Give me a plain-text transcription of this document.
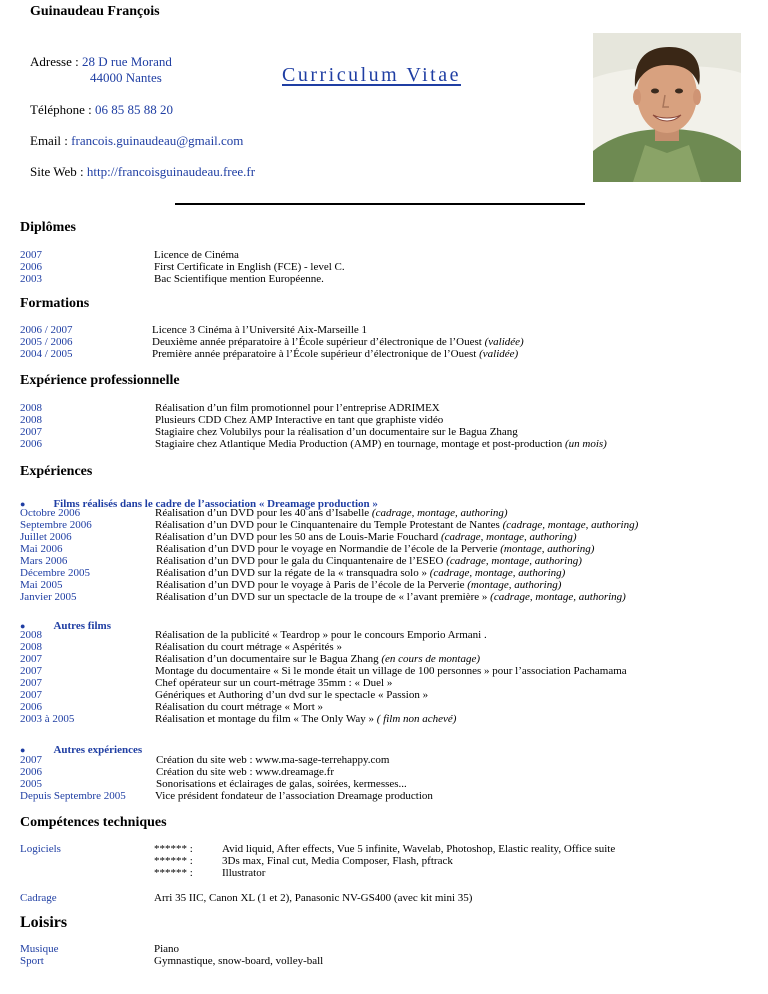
Guinaudeau François
Adresse : 28 D rue Morand
44000 Nantes	Curriculum Vitae
Téléphone : 06 85 85 88 20
Email : francois.guinaudeau@gmail.com
Site Web : http://francoisguinaudeau.free.fr
Diplômes
2007	Licence de Cinéma
2006	First Certificate in English (FCE) - level C.
2003	Bac Scientifique mention Européenne.
Formations
2006 / 2007	Licence 3 Cinéma à l’Université Aix-Marseille 1
2005 / 2006	Deuxième année préparatoire à l’École supérieur d’électronique de l’Ouest (validée)
2004 / 2005	Première année préparatoire à l’École supérieur d’électronique de l’Ouest (validée)
Expérience professionnelle
2008	Réalisation d’un film promotionnel pour l’entreprise ADRIMEX
2008	Plusieurs CDD Chez AMP Interactive en tant que graphiste vidéo
2007	Stagiaire chez Volubilys pour la réalisation d’un documentaire sur le Bagua Zhang
2006	Stagiaire chez Atlantique Media Production (AMP) en tournage, montage et post-production (un mois)
Expériences
●	Films réalisés dans le cadre de l’association « Dreamage production »
Octobre 2006	Réalisation d’un DVD pour les 40 ans d’Isabelle (cadrage, montage, authoring)
Septembre 2006	Réalisation d’un DVD pour le Cinquantenaire du Temple Protestant de Nantes (cadrage, montage, authoring)
Juillet 2006	Réalisation d’un DVD pour les 50 ans de Louis-Marie Fouchard (cadrage, montage, authoring)
Mai 2006	Réalisation d’un DVD pour le voyage en Normandie de l’école de la Perverie (montage, authoring)
Mars 2006	Réalisation d’un DVD pour le gala du Cinquantenaire de l’ESEO (cadrage, montage, authoring)
Décembre 2005	Réalisation d’un DVD sur la régate de la « transquadra solo » (cadrage, montage, authoring)
Mai 2005	Réalisation d’un DVD pour le voyage à Paris de l’école de la Perverie (montage, authoring)
Janvier 2005	Réalisation d’un DVD sur un spectacle de la troupe de « l’avant première » (cadrage, montage, authoring)
●	Autres films
2008	Réalisation de la publicité « Teardrop » pour le concours Emporio Armani .
2008	Réalisation du court métrage « Aspérités »
2007	Réalisation d’un documentaire sur le Bagua Zhang (en cours de montage)
2007	Montage du documentaire « Si le monde était un village de 100 personnes » pour l’association Pachamama
2007	Chef opérateur sur un court-métrage 35mm : « Duel »
2007	Génériques et Authoring d’un dvd sur le spectacle « Passion »
2006	Réalisation du court métrage « Mort »
2003 à 2005	Réalisation et montage du film « The Only Way » ( film non achevé)
●	Autres expériences
2007	Création du site web : www.ma-sage-terrehappy.com
2006	Création du site web : www.dreamage.fr
2005	Sonorisations et éclairages de galas, soirées, kermesses...
Depuis Septembre 2005	Vice président fondateur de l’association Dreamage production
Compétences techniques
Logiciels	****** :	Avid liquid, After effects, Vue 5 infinite, Wavelab, Photoshop, Elastic reality, Office suite
****** :	3Ds max, Final cut, Media Composer, Flash, pftrack
****** :	Illustrator
Cadrage	Arri 35 IIC, Canon XL (1 et 2), Panasonic NV-GS400 (avec kit mini 35)
Loisirs
Musique	Piano
Sport	Gymnastique, snow-board, volley-ball
